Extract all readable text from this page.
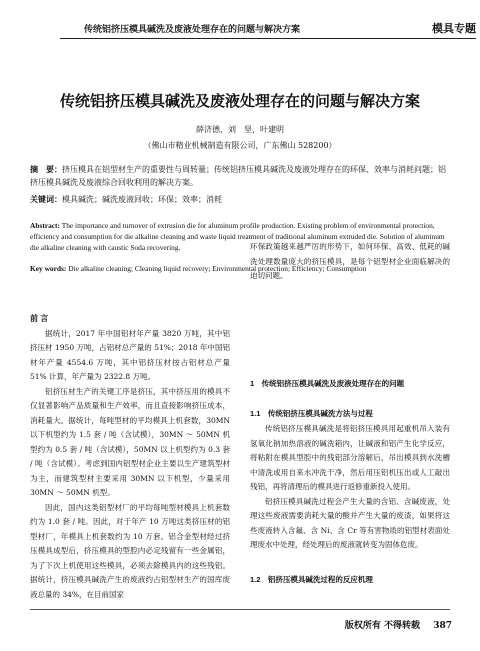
传统铝挤压模具碱洗及废液处理存在的问题与解决方案	模具专题
传统铝挤压模具碱洗及废液处理存在的问题与解决方案
薛济德，刘　坚，叶建明
（佛山市精业机械制造有限公司，广东佛山 528200）
摘　要：挤压模具在铝型材生产的重要性与周转量；传统铝挤压模具碱洗及废液处理存在的环保、效率与消耗问题；铝挤压模具碱洗及废液综合回收利用的解决方案。
关键词：模具碱洗；碱洗废液回收；环保；效率；消耗
Abstract: The importance and turnover of extrusion die for aluminum profile production. Existing problem of environmental protection, efficiency and consumption for die alkaline cleaning and waste liquid treatment of traditional aluminum extruded die. Solution of aluminum die alkaline cleaning with caustic Soda recovering.
Key words: Die alkaline cleaning; Cleaning liquid recovery; Environmental protection; Efficiency; Consumption
前 言

据统计，2017 年中国铝材年产量 3820 万吨，其中铝挤压材 1950 万吨，占铝材总产量的 51%；2018 年中国铝材年产量 4554.6 万吨，其中铝挤压材按占铝材总产量 51% 计算，年产量为 2322.8 万吨。

铝挤压材生产的关键工序是挤压，其中挤压用的模具不仅显著影响产品质量和生产效率，而且直接影响挤压成本，消耗量大。据统计，每吨型材的平均模具上机套数，30MN 以下机型约为 1.5 套 / 吨（含试模），30MN ～ 50MN 机型约为 0.5 套 / 吨（含试模），50MN 以上机型约为 0.3 套 / 吨（含试模）。考虑到国内铝型材企业主要以生产建筑型材为主，而建筑型材主要采用 30MN 以下机型，少量采用 30MN ～ 50MN 机型。

因此，国内这类铝型材厂的平均每吨型材模具上机套数约为 1.0 套 / 吨。因此，对于年产 10 万吨这类挤压材的铝型材厂，年模具上机套数约为 10 万套。铝合金型材经过挤压模具成型后，挤压模具的型腔内必定残留有一些金属铝，为了下次上机使用这些模具，必须去除模具内的这些残铝。据统计，挤压模具碱洗产生的废液约占铝型材生产的国库废液总量的 34%，在目前国家

环保政策越来越严厉的形势下，如何环保、高效、低耗的碱洗处理数量庞大的挤压模具，是每个铝型材企业面临解决的迫切问题。

1　传统铝挤压模具碱洗及废液处理存在的问题
1.1　传统铝挤压模具碱洗方法与过程

传统铝挤压模具碱洗是将铝挤压模具用起重机吊入装有氢氧化钠加热溶液的碱洗箱内，让碱液和铝产生化学反应，将粘附在模具型腔中的残铝部分溶解后，吊出模具到水洗槽中清洗或用自来水冲洗干净，然后用压铝机压出或人工敲出残铝，再将清理后的模具进行返修重新投入使用。

铝挤压模具碱洗过程会产生大量的含铝、含碱废液，处理这些废液需要消耗大量的酸并产生大量的废渣，如果将这些废液转入含氟、含 Ni、含 Cr 等有害物质的铝型材表面处理废水中处理，经处理后的废液就转变为固体危废。

1.2　铝挤压模具碱洗过程的反应机理
版权所有 不得转载 387
